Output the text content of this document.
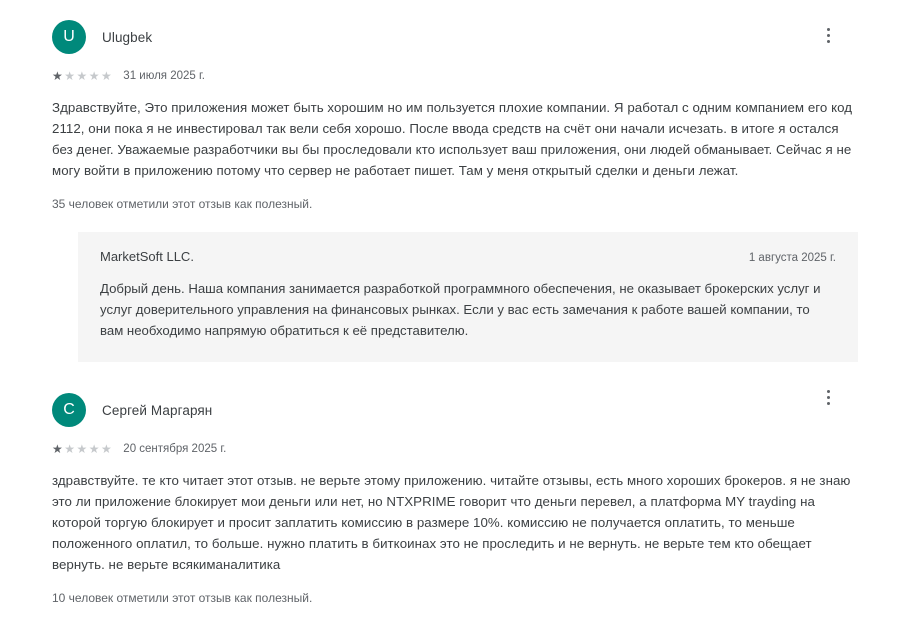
U Ulugbek
★★★★★ 31 июля 2025 г.
Здравствуйте, Это приложения может быть хорошим но им пользуется плохие компании. Я работал с одним компанием его код 2112, они пока я не инвестировал так вели себя хорошо. После ввода средств на счёт они начали исчезать. в итоге я остался без денег. Уважаемые разработчики вы бы проследовали кто использует ваш приложения, они людей обманывает. Сейчас я не могу войти в приложению потому что сервер не работает пишет. Там у меня открытый сделки и деньги лежат.
35 человек отметили этот отзыв как полезный.
MarketSoft LLC.	1 августа 2025 г.
Добрый день. Наша компания занимается разработкой программного обеспечения, не оказывает брокерских услуг и услуг доверительного управления на финансовых рынках. Если у вас есть замечания к работе вашей компании, то вам необходимо напрямую обратиться к её представителю.
С Сергей Маргарян
★★★★★ 20 сентября 2025 г.
здравствуйте. те кто читает этот отзыв. не верьте этому приложению. читайте отзывы, есть много хороших брокеров. я не знаю это ли приложение блокирует мои деньги или нет, но NTXPRIME говорит что деньги перевел, а платформа MY trayding на которой торгую блокирует и просит заплатить комиссию в размере 10%. комиссию не получается оплатить, то меньше положенного оплатил, то больше. нужно платить в биткоинах это не проследить и не вернуть. не верьте тем кто обещает вернуть. не верьте всякиманалитика
10 человек отметили этот отзыв как полезный.
